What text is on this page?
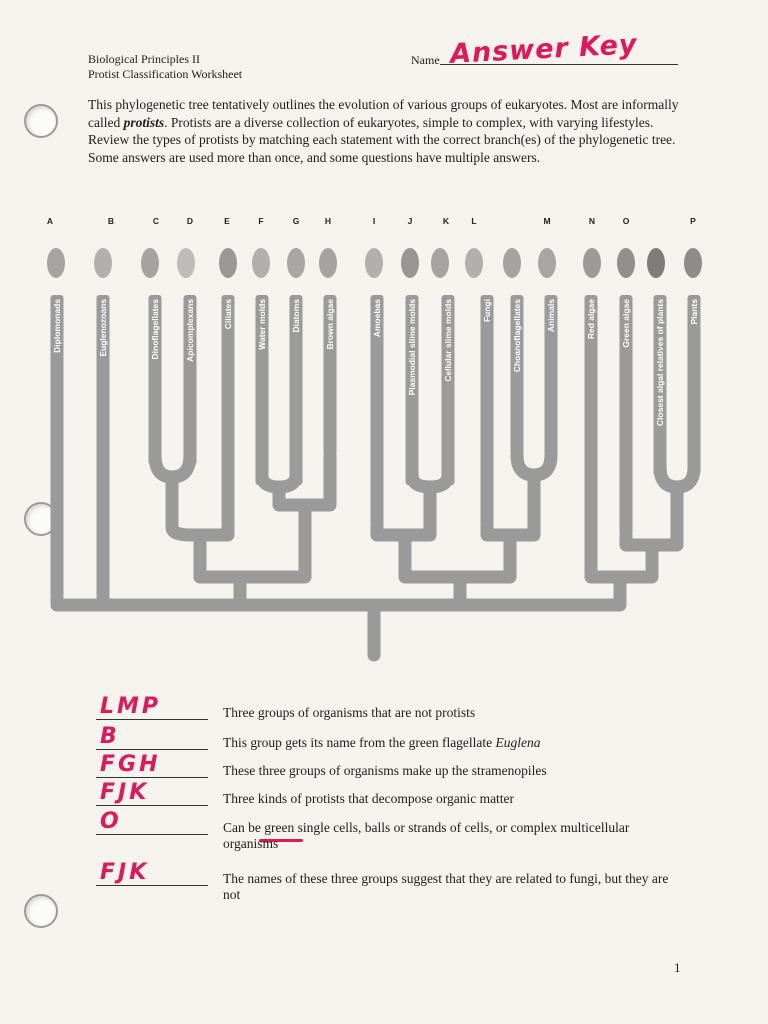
Biological Principles II
Protist Classification Worksheet
Name Answer Key
This phylogenetic tree tentatively outlines the evolution of various groups of eukaryotes. Most are informally called protists. Protists are a diverse collection of eukaryotes, simple to complex, with varying lifestyles. Review the types of protists by matching each statement with the correct branch(es) of the phylogenetic tree. Some answers are used more than once, and some questions have multiple answers.
A	B	C	D	E	F	G	H	I	J	K	L	M	N	O	P
Diplomonads	Euglenozoans	Dinoflagellates	Apicomplexans	Ciliates	Water molds	Diatoms	Brown algae	Amoebas	Plasmodial slime molds	Cellular slime molds	Fungi Choanoflagellates	Animals	Red algae	Green algae	Closest algal relatives of plants	Plants
LMP	Three groups of organisms that are not protists
B	This group gets its name from the green flagellate Euglena
FGH	These three groups of organisms make up the stramenopiles
FJK	Three kinds of protists that decompose organic matter
O	Can be green single cells, balls or strands of cells, or complex multicellular organisms
FJK	The names of these three groups suggest that they are related to fungi, but they are not
1
